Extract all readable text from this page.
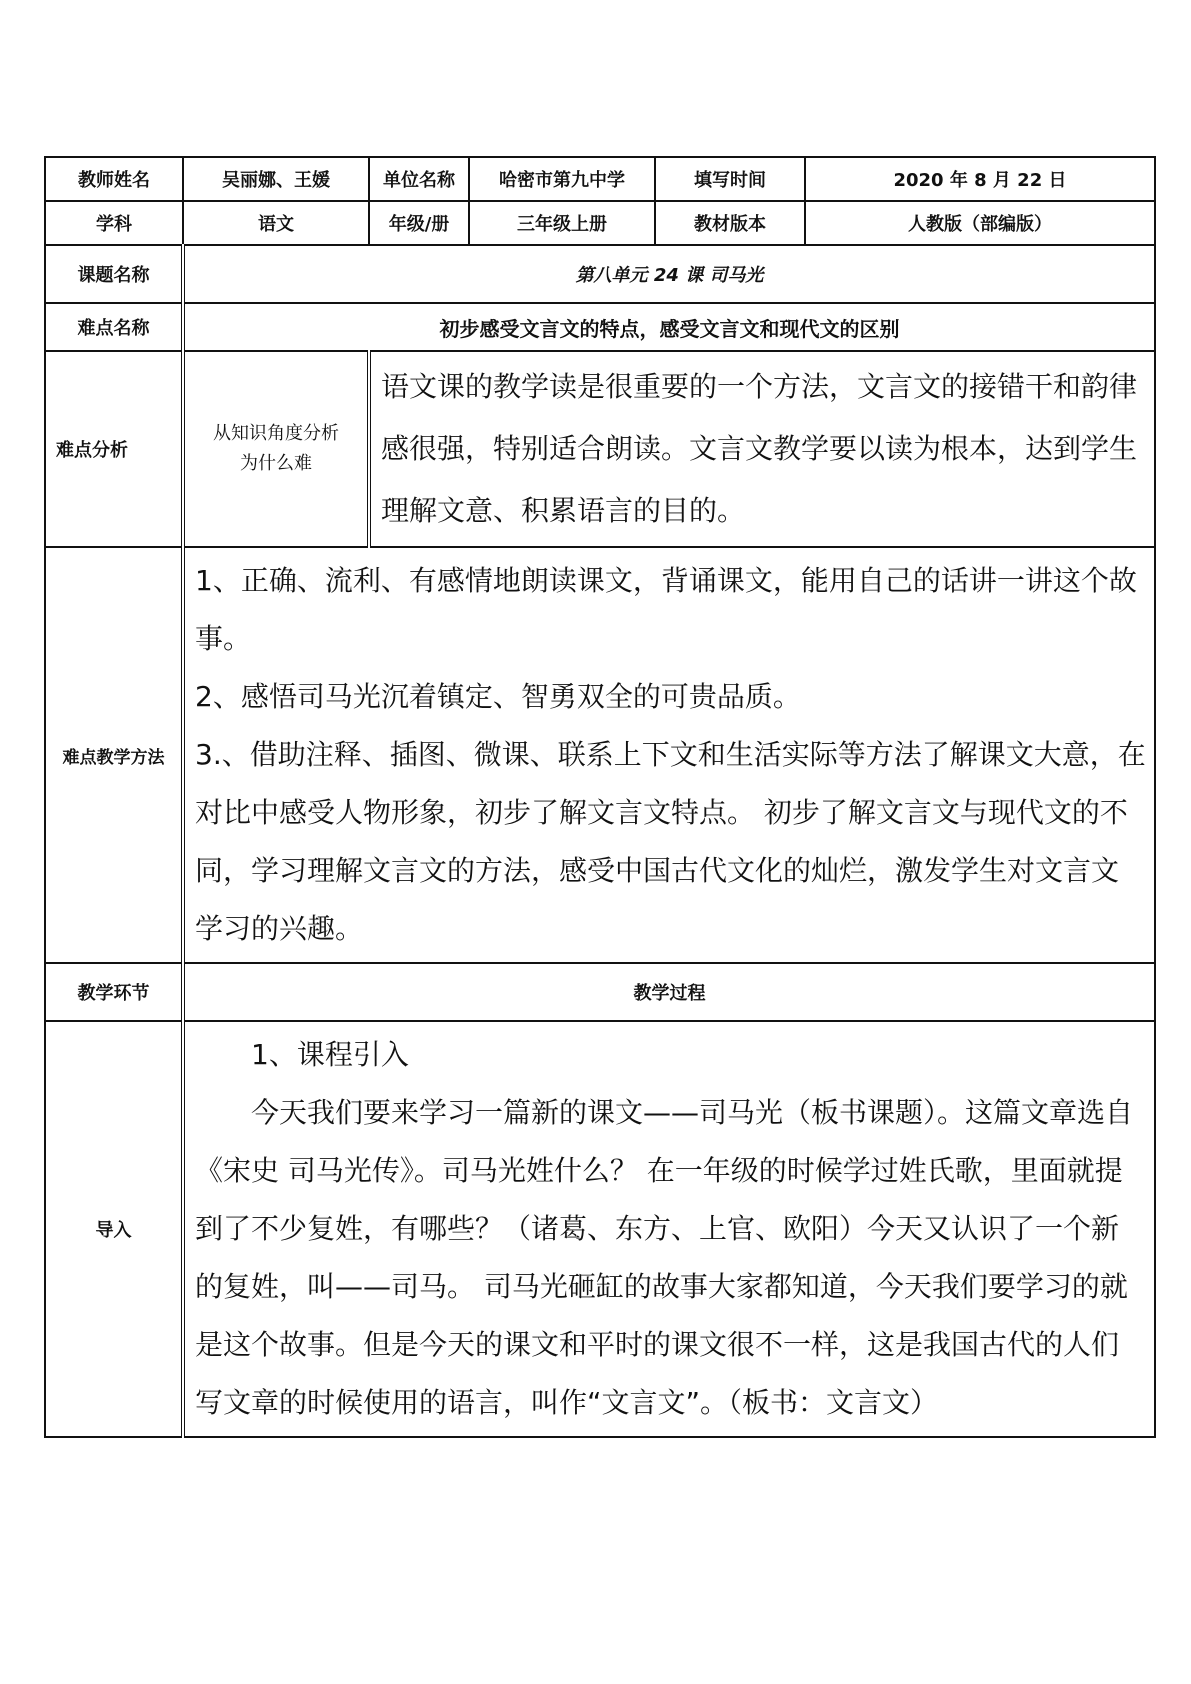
教师姓名	吴丽娜、王媛	单位名称	哈密市第九中学	填写时间	2020 年 8 月 22 日
学科	语文	年级/册	三年级上册	教材版本	人教版（部编版）
课题名称	第八单元 24 课 司马光				
难点名称	初步感受文言文的特点，感受文言文和现代文的区别				
难点分析	从知识角度分析为什么难	语文课的教学读是很重要的一个方法，文言文的接错干和韵律感很强，特别适合朗读。文言文教学要以读为根本，达到学生理解文意、积累语言的目的。			
难点教学方法	1、正确、流利、有感情地朗读课文，背诵课文，能用自己的话讲一讲这个故事。

2、感悟司马光沉着镇定、智勇双全的可贵品质。

3.、借助注释、插图、微课、联系上下文和生活实际等方法了解课文大意，在对比中感受人物形象，初步了解文言文特点。 初步了解文言文与现代文的不同，学习理解文言文的方法，感受中国古代文化的灿烂，激发学生对文言文学习的兴趣。				

教学环节	教学过程				
导入	1、课程引入

今天我们要来学习一篇新的课文——司马光（板书课题）。这篇文章选自《宋史 司马光传》。司马光姓什么？ 在一年级的时候学过姓氏歌，里面就提到了不少复姓，有哪些？（诸葛、东方、上官、欧阳）今天又认识了一个新的复姓，叫——司马。 司马光砸缸的故事大家都知道，今天我们要学习的就是这个故事。但是今天的课文和平时的课文很不一样，这是我国古代的人们写文章的时候使用的语言，叫作“文言文”。（板书：文言文）				
